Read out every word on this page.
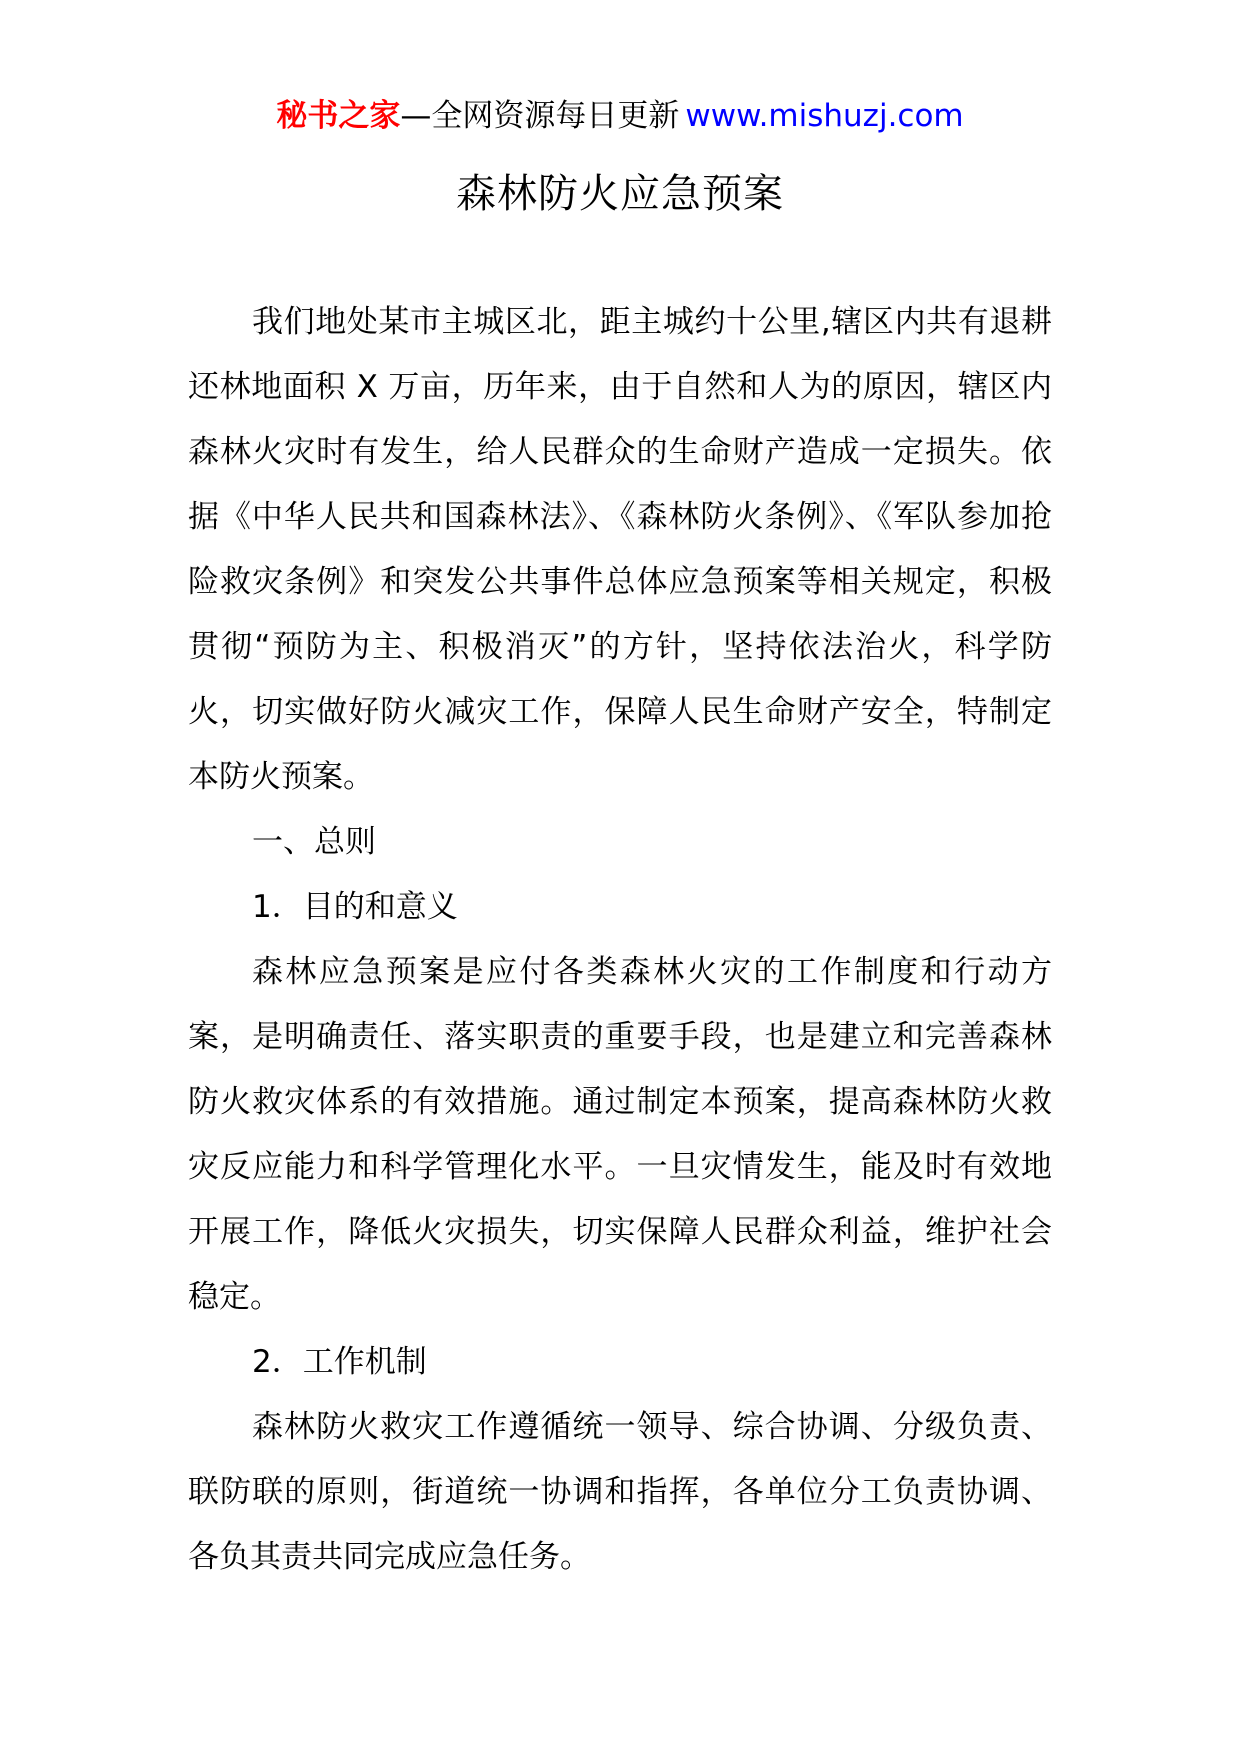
秘书之家—全网资源每日更新 www.mishuzj.com
森林防火应急预案

我们地处某市主城区北，距主城约十公里,辖区内共有退耕还林地面积 X 万亩，历年来，由于自然和人为的原因，辖区内森林火灾时有发生，给人民群众的生命财产造成一定损失。依据《中华人民共和国森林法》、《森林防火条例》、《军队参加抢险救灾条例》和突发公共事件总体应急预案等相关规定，积极贯彻“预防为主、积极消灭”的方针，坚持依法治火，科学防火，切实做好防火减灾工作，保障人民生命财产安全，特制定本防火预案。

一、总则

1．目的和意义

森林应急预案是应付各类森林火灾的工作制度和行动方案，是明确责任、落实职责的重要手段，也是建立和完善森林防火救灾体系的有效措施。通过制定本预案，提高森林防火救灾反应能力和科学管理化水平。一旦灾情发生，能及时有效地开展工作，降低火灾损失，切实保障人民群众利益，维护社会稳定。

2．工作机制

森林防火救灾工作遵循统一领导、综合协调、分级负责、联防联的原则，街道统一协调和指挥，各单位分工负责协调、各负其责共同完成应急任务。
